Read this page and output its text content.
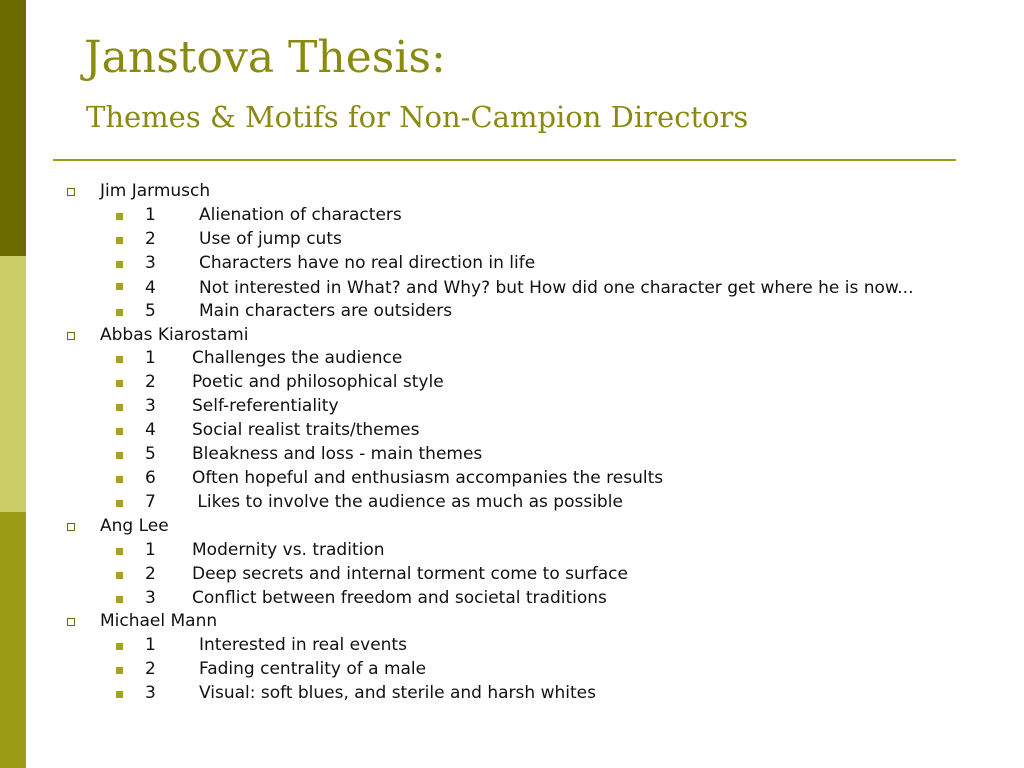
Janstova Thesis:
Themes & Motifs for Non-Campion Directors
Jim Jarmusch
1	Alienation of characters
2	Use of jump cuts
3	Characters have no real direction in life
4	Not interested in What? and Why? but How did one character get where he is now...
5	Main characters are outsiders
Abbas Kiarostami
1 Challenges the audience
2 Poetic and philosophical style
3 Self-referentiality
4 Social realist traits/themes
5 Bleakness and loss - main themes
6 Often hopeful and enthusiasm accompanies the results
7 Likes to involve the audience as much as possible
Ang Lee
1 Modernity vs. tradition
2 Deep secrets and internal torment come to surface
3 Conflict between freedom and societal traditions
Michael Mann
1	Interested in real events
2	Fading centrality of a male
3	Visual: soft blues, and sterile and harsh whites
